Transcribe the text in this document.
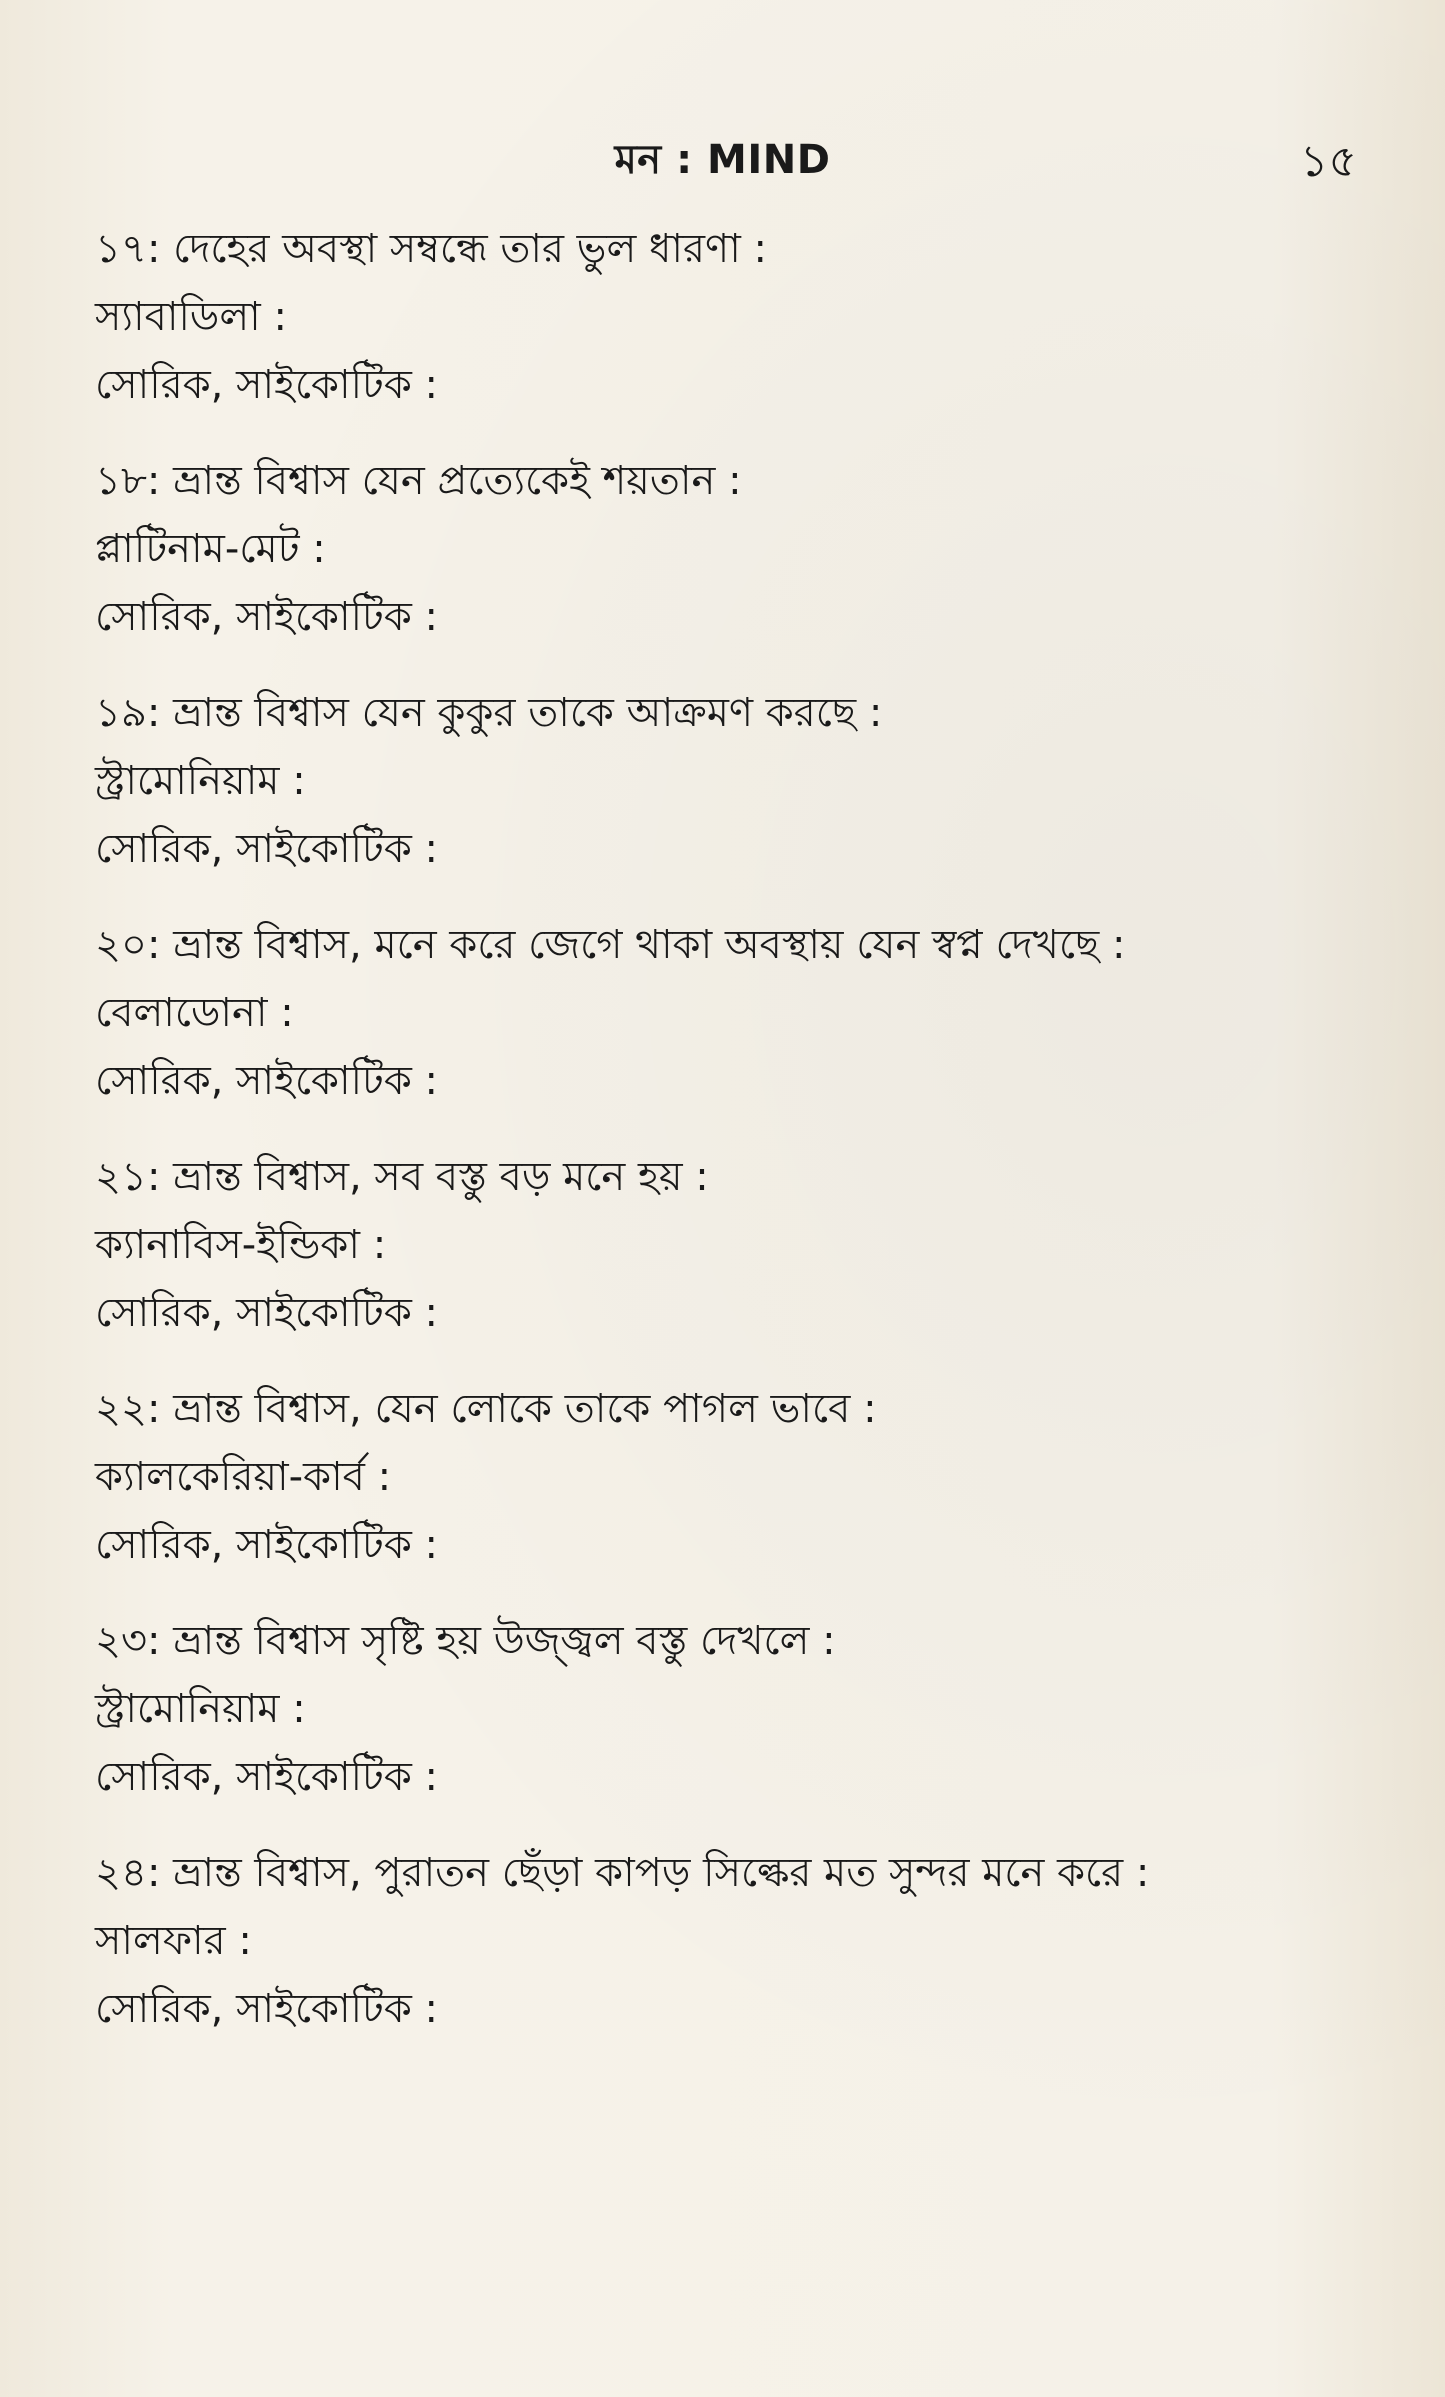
মন : MIND	১৫
১৭: দেহের অবস্থা সম্বন্ধে তার ভুল ধারণা :
স্যাবাডিলা :
সোরিক, সাইকোটিক :
১৮: ভ্রান্ত বিশ্বাস যেন প্রত্যেকেই শয়তান :
প্লাটিনাম-মেট :
সোরিক, সাইকোটিক :
১৯: ভ্রান্ত বিশ্বাস যেন কুকুর তাকে আক্রমণ করছে :
স্ট্রামোনিয়াম :
সোরিক, সাইকোটিক :
২০: ভ্রান্ত বিশ্বাস, মনে করে জেগে থাকা অবস্থায় যেন স্বপ্ন দেখছে :
বেলাডোনা :
সোরিক, সাইকোটিক :
২১: ভ্রান্ত বিশ্বাস, সব বস্তু বড় মনে হয় :
ক্যানাবিস-ইন্ডিকা :
সোরিক, সাইকোটিক :
২২: ভ্রান্ত বিশ্বাস, যেন লোকে তাকে পাগল ভাবে :
ক্যালকেরিয়া-কার্ব :
সোরিক, সাইকোটিক :
২৩: ভ্রান্ত বিশ্বাস সৃষ্টি হয় উজ্জ্বল বস্তু দেখলে :
স্ট্রামোনিয়াম :
সোরিক, সাইকোটিক :
২৪: ভ্রান্ত বিশ্বাস, পুরাতন ছেঁড়া কাপড় সিল্কের মত সুন্দর মনে করে :
সালফার :
সোরিক, সাইকোটিক :
